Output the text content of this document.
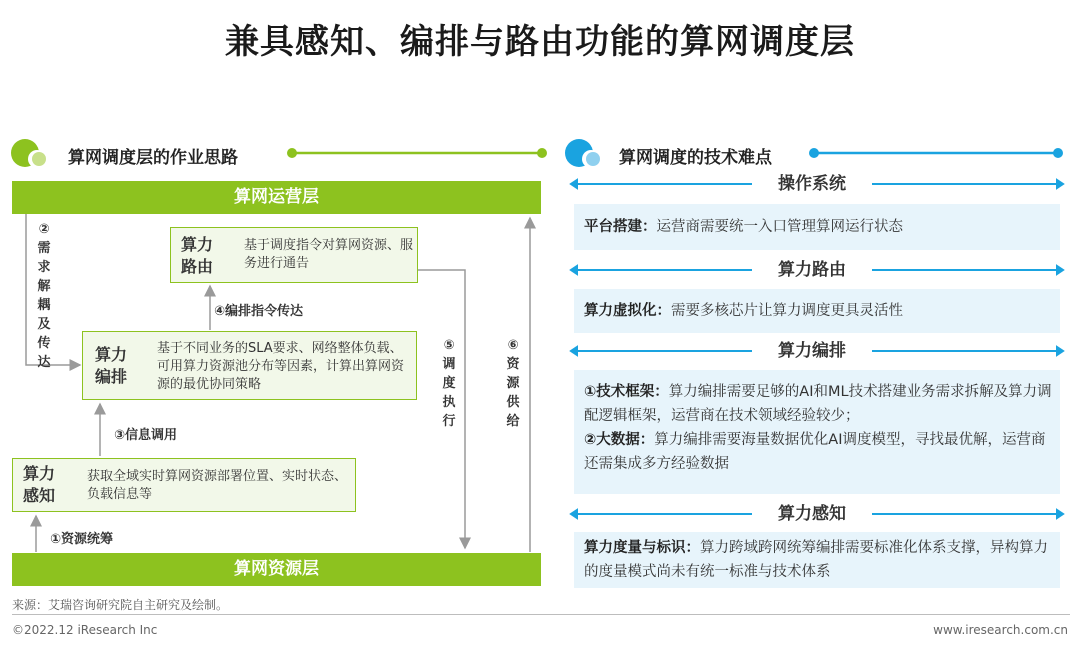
兼具感知、编排与路由功能的算网调度层
算网调度层的作业思路
算网运营层
算网资源层
算力
路由
基于调度指令对算网资源、服务进行通告
算力
编排
基于不同业务的SLA要求、网络整体负载、可用算力资源池分布等因素，计算出算网资源的最优协同策略
算力
感知
获取全域实时算网资源部署位置、实时状态、负载信息等
②需求解耦及传达
④编排指令传达
③信息调用
①资源统筹
⑤调度执行
⑥资源供给
算网调度的技术难点
操作系统
算力路由
算力编排
算力感知
平台搭建：运营商需要统一入口管理算网运行状态
算力虚拟化：需要多核芯片让算力调度更具灵活性
①技术框架：算力编排需要足够的AI和ML技术搭建业务需求拆解及算力调配逻辑框架，运营商在技术领域经验较少；
②大数据：算力编排需要海量数据优化AI调度模型，寻找最优解，运营商还需集成多方经验数据
算力度量与标识：算力跨域跨网统筹编排需要标准化体系支撑，异构算力的度量模式尚未有统一标准与技术体系
来源：艾瑞咨询研究院自主研究及绘制。
©2022.12 iResearch Inc	www.iresearch.com.cn
